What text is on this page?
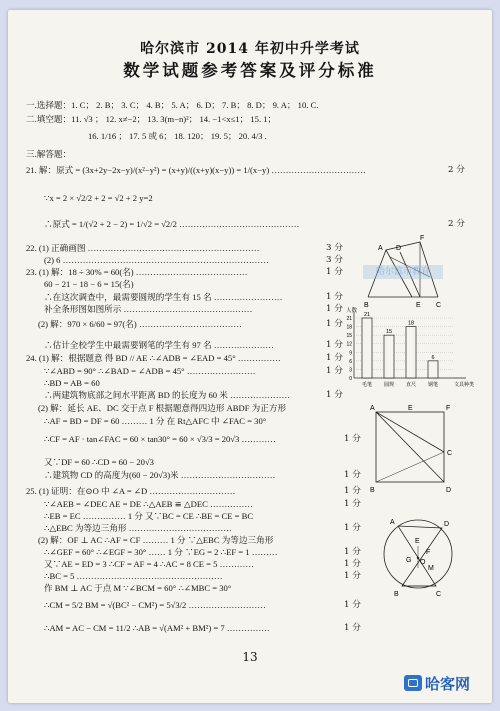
哈尔滨市 2014 年初中升学考试
数学试题参考答案及评分标准
一.选择题：1. C； 2. B； 3. C； 4. B； 5. A； 6. D； 7. B； 8. D； 9. A； 10. C.
二.填空题：11. √3 ； 12. x≠−2； 13. 3(m−n)²； 14. −1<x≤1； 15. 1；
16. 1/16 ； 17. 5 或 6； 18. 120； 19. 5； 20. 4/3 .
三.解答题：
21. 解：原式 = (3x+2y−2x−y)/(x²−y²) = (x+y)/((x+y)(x−y)) = 1/(x−y) ……………………………
∵x = 2 × √2/2 + 2 = √2 + 2 y=2
∴原式 = 1/(√2 + 2 − 2) = 1/√2 = √2/2 ……………………………………
22. (1) 正确画图 ……………………………………………………
(2) 6 ………………………………………………………………
23. (1) 解：18 ÷ 30% = 60(名) …………………………………
60 − 21 − 18 − 6 = 15(名)
∴在这次调查中，最需要圆规的学生有 15 名 ……………………
补全条形图如图所示 ………………………………………
(2) 解：970 × 6/60 = 97(名) ………………………………
∴估计全校学生中最需要钢笔的学生有 97 名 …………………
24. (1) 解：根据题意 得 BD // AE ∴∠ADB = ∠EAD = 45° ……………
∵∠ABD = 90° ∴∠BAD = ∠ADB = 45° ……………………
∴BD = AB = 60
∴两建筑物底部之间水平距离 BD 的长度为 60 米 …………………
(2) 解：延长 AE、DC 交于点 F 根据题意得四边形 ABDF 为正方形
∴AF = BD = DF = 60 ……… 1 分 在 Rt△AFC 中 ∠FAC = 30°
∴CF = AF · tan∠FAC = 60 × tan30° = 60 × √3/3 = 20√3 …………
又∵DF = 60 ∴CD = 60 − 20√3
∴建筑物 CD 的高度为(60 − 20√3)米 ……………………………
25. (1) 证明：在⊙O 中 ∠A = ∠D …………………………
∵∠AEB = ∠DEC AE = DE ∴△AEB ≌ △DEC ……………
∴EB = EC …………… 1 分 又∵BC = CE ∴BE = CE = BC
∴△EBC 为等边三角形 ………………………………
(2) 解：OF ⊥ AC ∴AF = CF ……… 1 分 ∵△EBC 为等边三角形
∴∠GEF = 60° ∴∠EGF = 30° …… 1 分 ∵EG = 2 ∴EF = 1 ………
又∵AE = ED = 3 ∴CF = AF = 4 ∴AC = 8 CE = 5 …………
∴BC = 5 ……………………………………………
作 BM ⊥ AC 于点 M ∵∠BCM = 60° ∴∠MBC = 30°
∴CM = 5/2 BM = √(BC² − CM²) = 5√3/2 ………………………
∴AM = AC − CM = 11/2 ∴AB = √(AM² + BM²) = 7 ……………
2 分
2 分
3 分
3 分
1 分
1 分
1 分
1 分
1 分
1 分
1 分
1 分
1 分
1 分
1 分
1 分
1 分
1 分
1 分
1 分
1 分
1 分
F
A D
B	E C
人数
0
3
6
9
12
15
18
21
21
15
18
6
毛笔 圆规 直尺 钢笔	文具种类
A	E	F
C
B	D
A	D
E
F
G O
M
B	C
哈尔滨市教育
13
哈客网
